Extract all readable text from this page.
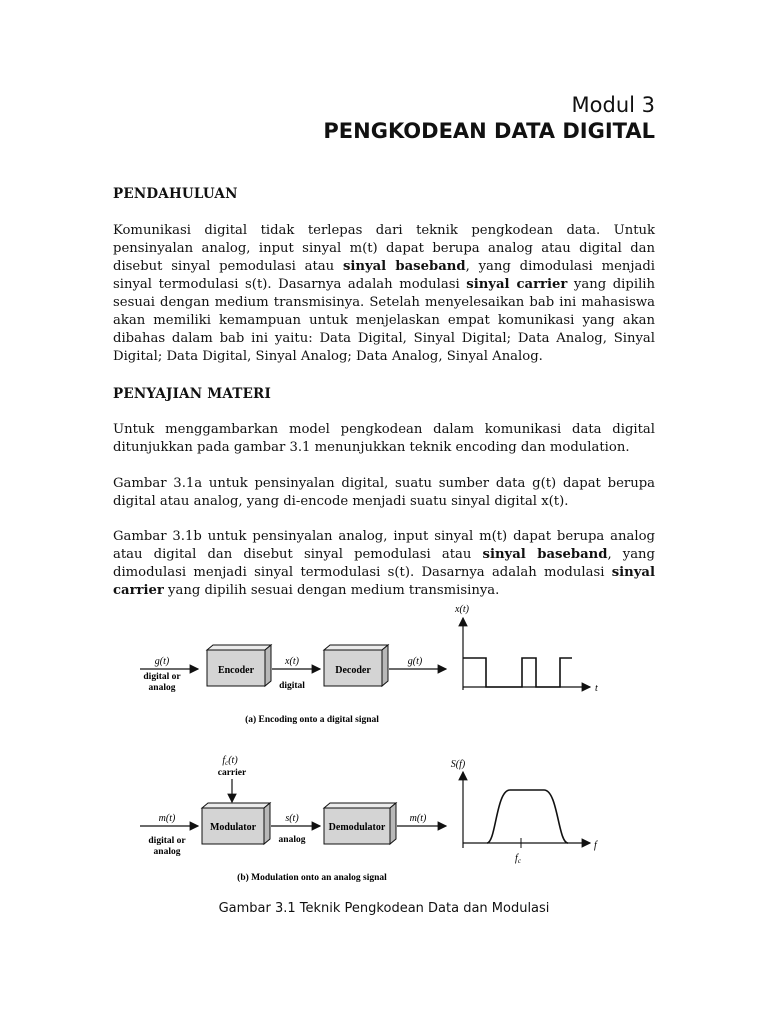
Modul 3
PENGKODEAN DATA DIGITAL
PENDAHULUAN
Komunikasi digital tidak terlepas dari teknik pengkodean data. Untuk pensinyalan analog, input sinyal m(t) dapat berupa analog atau digital dan disebut sinyal pemodulasi atau sinyal baseband, yang dimodulasi menjadi sinyal termodulasi s(t). Dasarnya adalah modulasi sinyal carrier yang dipilih sesuai dengan medium transmisinya. Setelah menyelesaikan bab ini mahasiswa akan memiliki kemampuan untuk menjelaskan empat komunikasi yang akan dibahas dalam bab ini yaitu: Data Digital, Sinyal Digital; Data Analog, Sinyal Digital; Data Digital, Sinyal Analog; Data Analog, Sinyal Analog.
PENYAJIAN MATERI
Untuk menggambarkan model pengkodean dalam komunikasi data digital ditunjukkan pada gambar 3.1 menunjukkan teknik encoding dan modulation.
Gambar 3.1a untuk pensinyalan digital, suatu sumber data g(t) dapat berupa digital atau analog, yang di-encode menjadi suatu sinyal digital x(t).
Gambar 3.1b untuk pensinyalan analog, input sinyal m(t) dapat berupa analog atau digital dan disebut sinyal pemodulasi atau sinyal baseband, yang dimodulasi menjadi sinyal termodulasi s(t). Dasarnya adalah modulasi sinyal carrier yang dipilih sesuai dengan medium transmisinya.
g(t)
digital or
analog
Encoder
x(t)
digital
Decoder
g(t)
x(t)
t
(a) Encoding onto a digital signal
$f_c(t)$
carrier
m(t)
digital or
analog
Modulator
s(t)
analog
Demodulator
m(t)
S(f)
f
$f_c$
(b) Modulation onto an analog signal
Gambar 3.1 Teknik Pengkodean Data dan Modulasi
